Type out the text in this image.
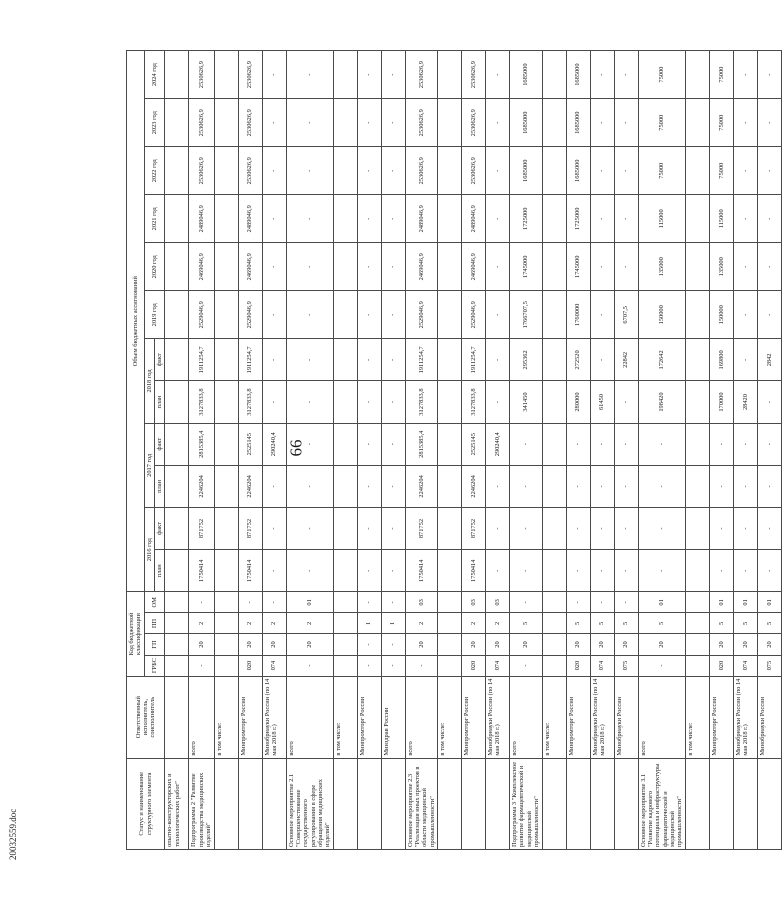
66
20032559.doc	Статус и наименование структурного элемента	Ответственный исполнитель, соисполнитель	Код бюджетной классификации				Объем бюджетных ассигнований											
		ГРБС	ГП	ПП	ОМ	2016 год		2017 год		2018 год		2019 год	2020 год	2021 год	2022 год	2023 год	2024 год
						план	факт	план	факт	план	факт						
опытно-конструкторских и технологических работ"																	
Подпрограмма 2 "Развитие производства медицинских изделий"	всего	-	20	2	-	1750414	871752	2246204	2815385,4	3127833,8	1911254,7	2529046,9	2469046,9	2489046,9	2530626,9	2530626,9	2530626,9
	в том числе:																
	Минпромторг России	020	20	2	-	1750414	871752	2246204	2525145	3127833,8	1911254,7	2529046,9	2469046,9	2489046,9	2530626,9	2530626,9	2530626,9
	Минобрнауки России (по 14 мая 2018 г.)	074	20	2	-	-	-	-	290240,4	-	-	-	-	-	-	-	-
Основное мероприятие 2.1 "Совершенствование государственного регулирования в сфере обращения медицинских изделий"	всего	-	20	2	01	-	-	-	-	-	-	-	-	-	-	-	-
	в том числе:																
	Минпромторг России	-	-	1	-	-	-	-	-	-	-	-	-	-	-	-	-
	Минздрав России	-	-	1	-	-	-	-	-	-	-	-	-	-	-	-	-
Основное мероприятие 2.3 "Реализация иных проектов в области медицинской промышленности"	всего	-	20	2	03	1750414	871752	2246204	2815385,4	3127833,8	1911254,7	2529046,9	2469046,9	2489046,9	2530626,9	2530626,9	2530626,9
	в том числе:																
	Минпромторг России	020	20	2	03	1750414	871752	2246204	2525145	3127833,8	1911254,7	2529046,9	2469046,9	2489046,9	2530626,9	2530626,9	2530626,9
	Минобрнауки России (по 14 мая 2018 г.)	074	20	2	03	-	-	-	290240,4	-	-	-	-	-	-	-	-
Подпрограмма 3 "Комплексное развитие фармацевтической и медицинской промышленности"	всего	-	20	5	-	-	-	-	-	341450	295362	1766707,5	1745000	1725000	1685000	1685000	1685000
	в том числе:																
	Минпромторг России	020	20	5	-	-	-	-	-	280000	272520	1760000	1745000	1725000	1685000	1685000	1685000
	Минобрнауки России (по 14 мая 2018 г.)	074	20	5	-	-	-	-	-	61450	-	-	-	-	-	-	-
	Минобрнауки России	075	20	5	-	-	-	-	-	-	22842	6707,5	-	-	-	-	-
Основное мероприятие 3.1 "Развитие кадрового потенциала и инфраструктуры фармацевтической и медицинской промышленности"	всего	-	20	5	01	-	-	-	-	198420	172642	150000	135000	115000	75000	75000	75000
	в том числе:																
	Минпромторг России	020	20	5	01	-	-	-	-	170000	169800	150000	135000	115000	75000	75000	75000
	Минобрнауки России (по 14 мая 2018 г.)	074	20	5	01	-	-	-	-	28420	-	-	-	-	-	-	-
	Минобрнауки России	075	20	5	01	-	-	-	-	-	2842	-	-	-	-	-	-
